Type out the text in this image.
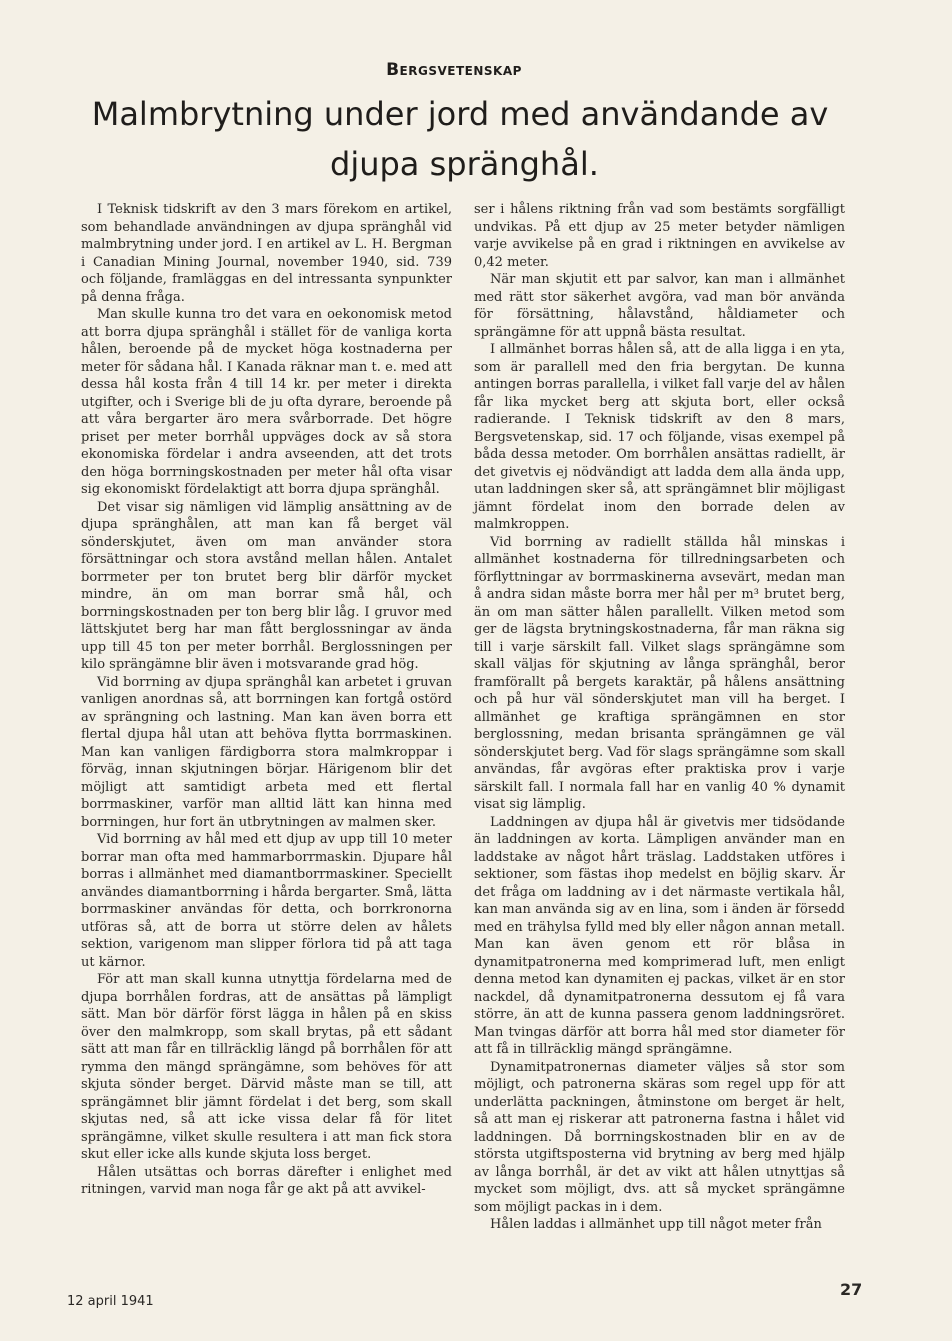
Bergsvetenskap
Malmbrytning under jord med användande av
djupa spränghål.

I Teknisk tidskrift av den 3 mars förekom en artikel, som behandlade användningen av djupa spränghål vid malmbrytning under jord. I en artikel av L. H. Bergman i Canadian Mining Journal, november 1940, sid. 739 och följande, framläggas en del intressanta synpunkter på denna fråga.

Man skulle kunna tro det vara en oekonomisk metod att borra djupa spränghål i stället för de vanliga korta hålen, beroende på de mycket höga kostnaderna per meter för sådana hål. I Kanada räknar man t. e. med att dessa hål kosta från 4 till 14 kr. per meter i direkta utgifter, och i Sverige bli de ju ofta dyrare, beroende på att våra bergarter äro mera svårborrade. Det högre priset per meter borrhål uppväges dock av så stora ekonomiska fördelar i andra avseenden, att det trots den höga borrningskostnaden per meter hål ofta visar sig ekonomiskt fördelaktigt att borra djupa spränghål.

Det visar sig nämligen vid lämplig ansättning av de djupa spränghålen, att man kan få berget väl sönderskjutet, även om man använder stora försättningar och stora avstånd mellan hålen. Antalet borrmeter per ton brutet berg blir därför mycket mindre, än om man borrar små hål, och borrningskostnaden per ton berg blir låg. I gruvor med lättskjutet berg har man fått berglossningar av ända upp till 45 ton per meter borrhål. Berglossningen per kilo sprängämne blir även i motsvarande grad hög.

Vid borrning av djupa spränghål kan arbetet i gruvan vanligen anordnas så, att borrningen kan fortgå ostörd av sprängning och lastning. Man kan även borra ett flertal djupa hål utan att behöva flytta borrmaskinen. Man kan vanligen färdigborra stora malmkroppar i förväg, innan skjutningen börjar. Härigenom blir det möjligt att samtidigt arbeta med ett flertal borrmaskiner, varför man alltid lätt kan hinna med borrningen, hur fort än utbrytningen av malmen sker.

Vid borrning av hål med ett djup av upp till 10 meter borrar man ofta med hammarborrmaskin. Djupare hål borras i allmänhet med diamantborrmaskiner. Speciellt användes diamantborrning i hårda bergarter. Små, lätta borrmaskiner användas för detta, och borrkronorna utföras så, att de borra ut större delen av hålets sektion, varigenom man slipper förlora tid på att taga ut kärnor.

För att man skall kunna utnyttja fördelarna med de djupa borrhålen fordras, att de ansättas på lämpligt sätt. Man bör därför först lägga in hålen på en skiss över den malmkropp, som skall brytas, på ett sådant sätt att man får en tillräcklig längd på borrhålen för att rymma den mängd sprängämne, som behöves för att skjuta sönder berget. Därvid måste man se till, att sprängämnet blir jämnt fördelat i det berg, som skall skjutas ned, så att icke vissa delar få för litet sprängämne, vilket skulle resultera i att man fick stora skut eller icke alls kunde skjuta loss berget.

Hålen utsättas och borras därefter i enlighet med ritningen, varvid man noga får ge akt på att avvikel-

ser i hålens riktning från vad som bestämts sorgfälligt undvikas. På ett djup av 25 meter betyder nämligen varje avvikelse på en grad i riktningen en avvikelse av 0,42 meter.

När man skjutit ett par salvor, kan man i allmänhet med rätt stor säkerhet avgöra, vad man bör använda för försättning, hålavstånd, håldiameter och sprängämne för att uppnå bästa resultat.

I allmänhet borras hålen så, att de alla ligga i en yta, som är parallell med den fria bergytan. De kunna antingen borras parallella, i vilket fall varje del av hålen får lika mycket berg att skjuta bort, eller också radierande. I Teknisk tidskrift av den 8 mars, Bergsvetenskap, sid. 17 och följande, visas exempel på båda dessa metoder. Om borrhålen ansättas radiellt, är det givetvis ej nödvändigt att ladda dem alla ända upp, utan laddningen sker så, att sprängämnet blir möjligast jämnt fördelat inom den borrade delen av malmkroppen.

Vid borrning av radiellt ställda hål minskas i allmänhet kostnaderna för tillredningsarbeten och förflyttningar av borrmaskinerna avsevärt, medan man å andra sidan måste borra mer hål per m³ brutet berg, än om man sätter hålen parallellt. Vilken metod som ger de lägsta brytningskostnaderna, får man räkna sig till i varje särskilt fall. Vilket slags sprängämne som skall väljas för skjutning av långa spränghål, beror framförallt på bergets karaktär, på hålens ansättning och på hur väl sönderskjutet man vill ha berget. I allmänhet ge kraftiga sprängämnen en stor berglossning, medan brisanta sprängämnen ge väl sönderskjutet berg. Vad för slags sprängämne som skall användas, får avgöras efter praktiska prov i varje särskilt fall. I normala fall har en vanlig 40 % dynamit visat sig lämplig.

Laddningen av djupa hål är givetvis mer tidsödande än laddningen av korta. Lämpligen använder man en laddstake av något hårt träslag. Laddstaken utföres i sektioner, som fästas ihop medelst en böjlig skarv. Är det fråga om laddning av i det närmaste vertikala hål, kan man använda sig av en lina, som i änden är försedd med en trähylsa fylld med bly eller någon annan metall. Man kan även genom ett rör blåsa in dynamitpatronerna med komprimerad luft, men enligt denna metod kan dynamiten ej packas, vilket är en stor nackdel, då dynamitpatronerna dessutom ej få vara större, än att de kunna passera genom laddningsröret. Man tvingas därför att borra hål med stor diameter för att få in tillräcklig mängd sprängämne.

Dynamitpatronernas diameter väljes så stor som möjligt, och patronerna skäras som regel upp för att underlätta packningen, åtminstone om berget är helt, så att man ej riskerar att patronerna fastna i hålet vid laddningen. Då borrningskostnaden blir en av de största utgiftsposterna vid brytning av berg med hjälp av långa borrhål, är det av vikt att hålen utnyttjas så mycket som möjligt, dvs. att så mycket sprängämne som möjligt packas in i dem.

Hålen laddas i allmänhet upp till något meter från

12 april 1941
27
